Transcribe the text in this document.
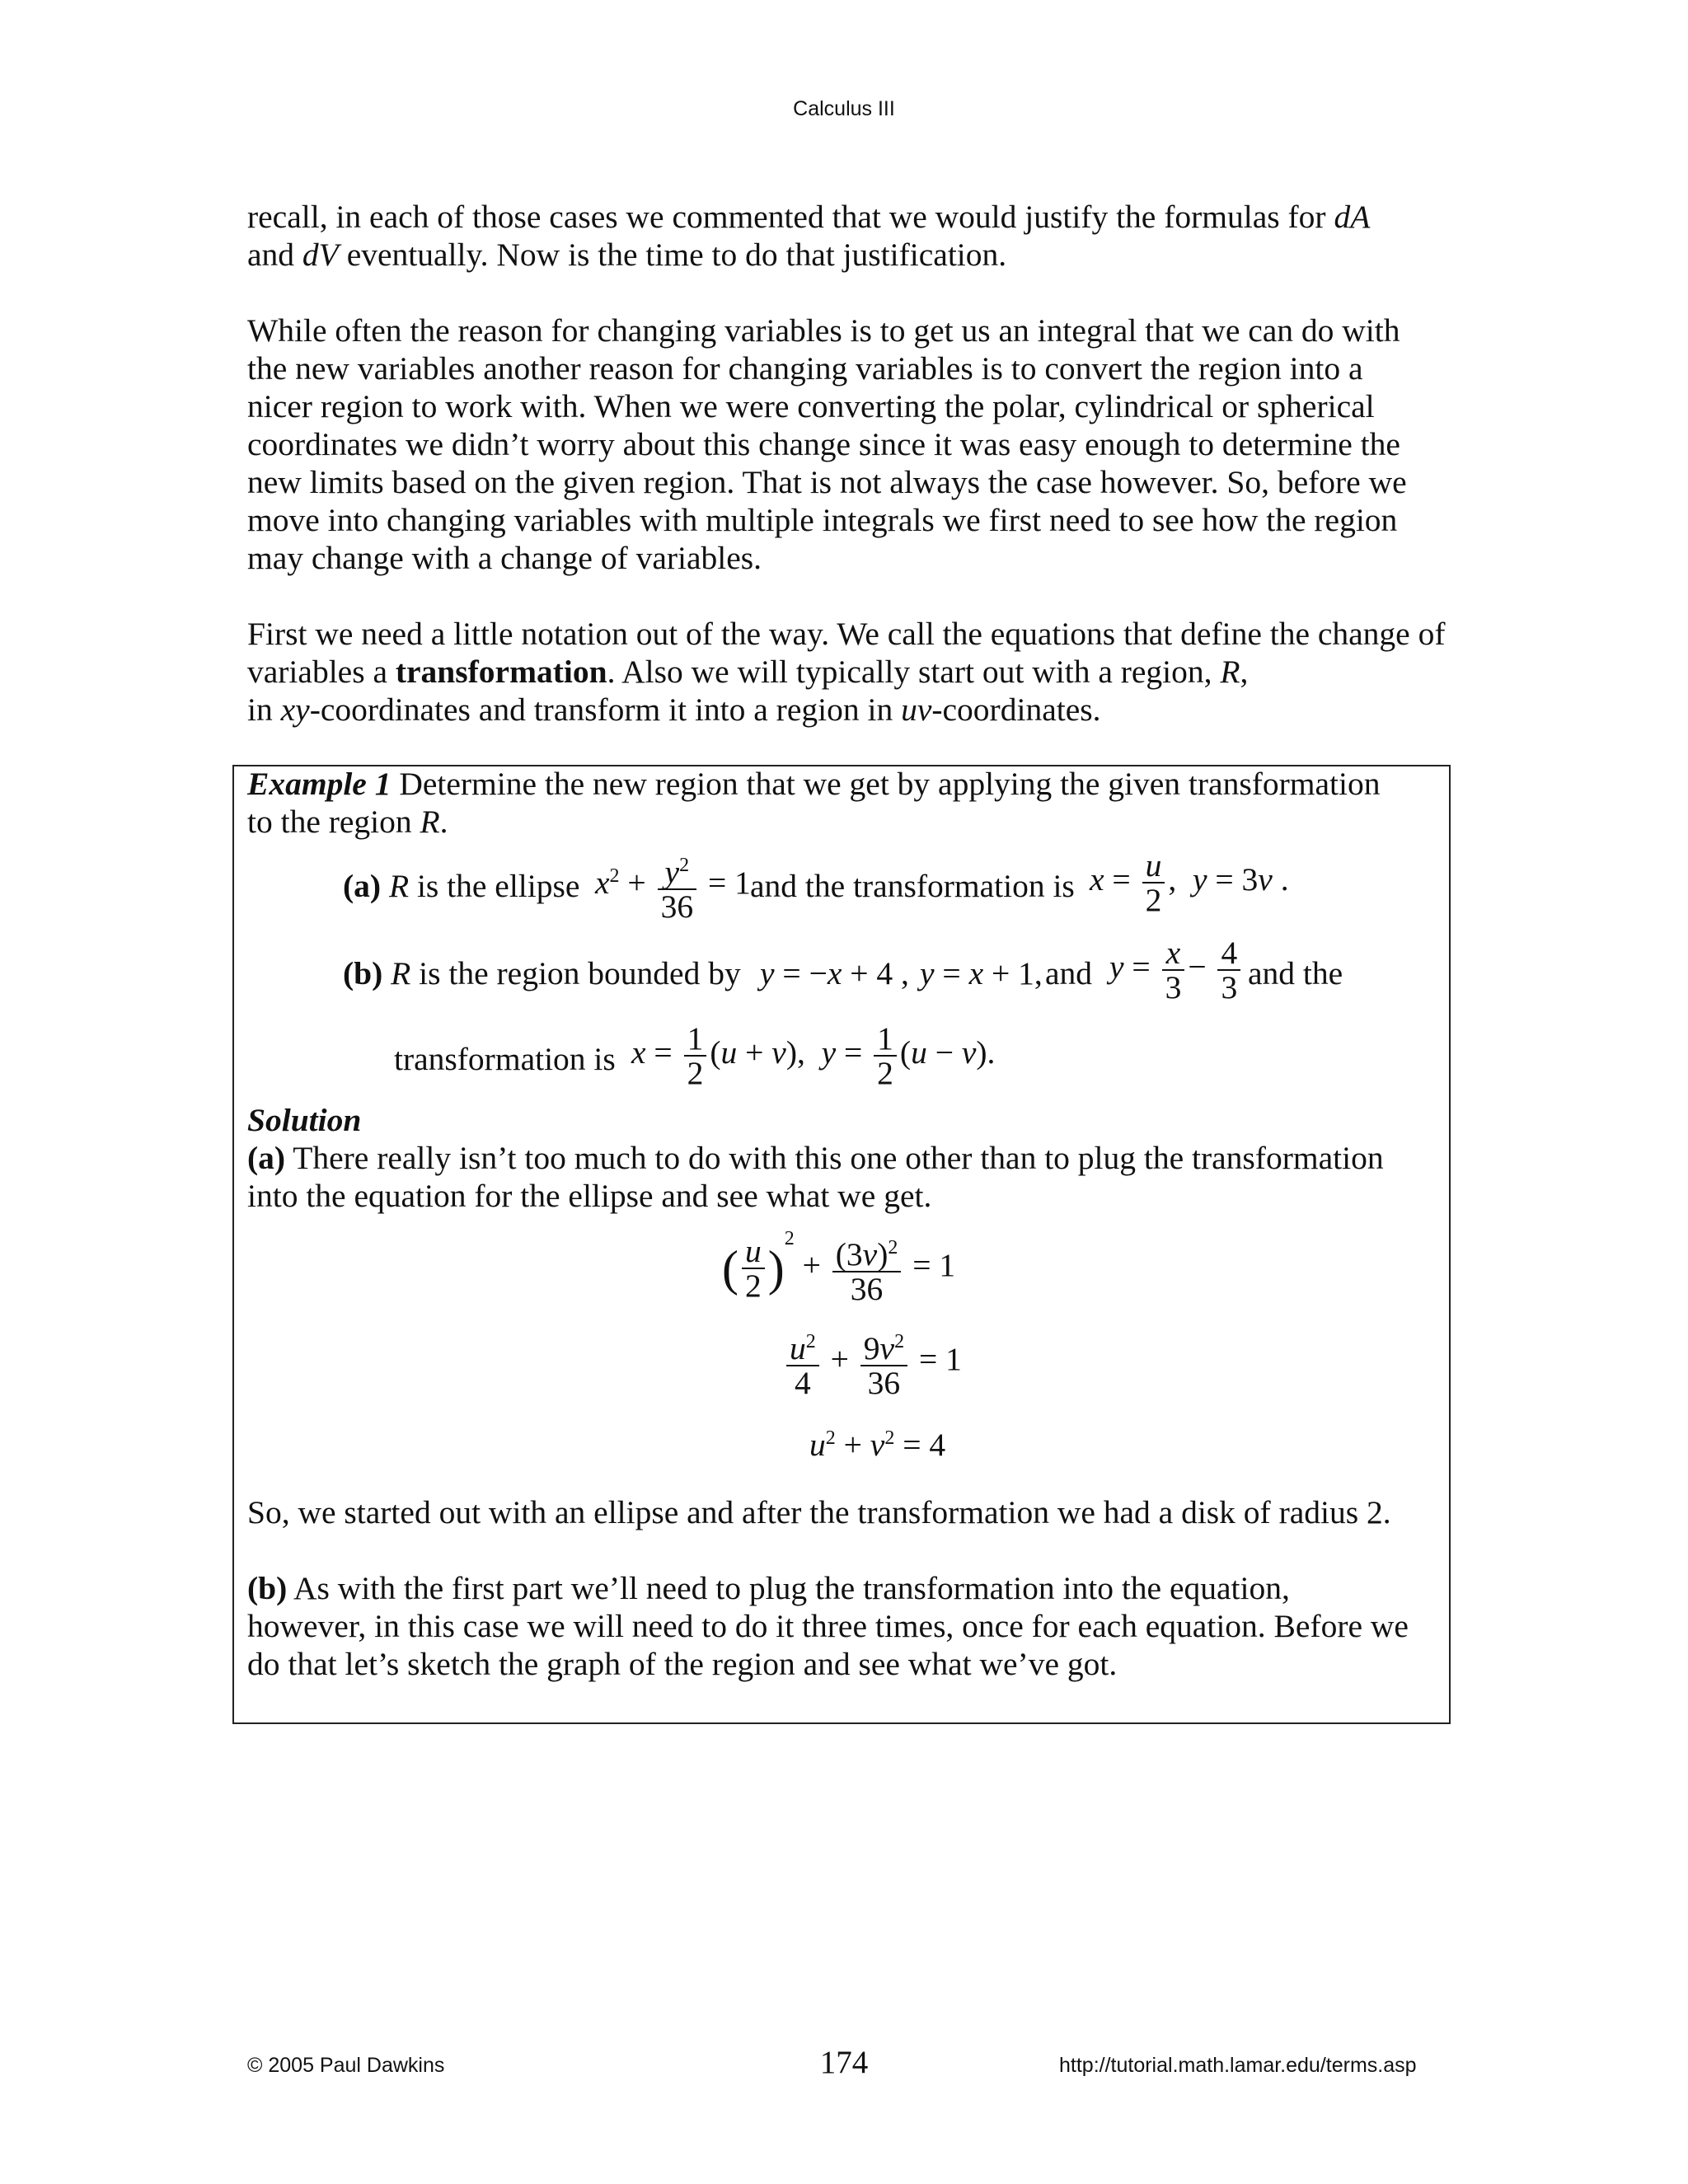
Calculus III

recall, in each of those cases we commented that we would justify the formulas for dA
and dV eventually. Now is the time to do that justification.

While often the reason for changing variables is to get us an integral that we can do with the new variables another reason for changing variables is to convert the region into a nicer region to work with. When we were converting the polar, cylindrical or spherical coordinates we didn’t worry about this change since it was easy enough to determine the new limits based on the given region. That is not always the case however. So, before we move into changing variables with multiple integrals we first need to see how the region may change with a change of variables.

First we need a little notation out of the way. We call the equations that define the change of variables a transformation. Also we will typically start out with a region, R,
in xy-coordinates and transform it into a region in uv-coordinates.

Example 1 Determine the new region that we get by applying the given transformation
to the region R.

(a) R is the ellipse $x^2 + \frac{y^2}{36} = 1$ and the transformation is $x = \frac{u}{2}$ ,  y = 3v .
(b) R is the region bounded by y = −x + 4 , y = x + 1, and $y = \frac{x}{3} - \frac{4}{3}$ and the
transformation is $x = \frac{1}{2} (u + v)$,  $y = \frac{1}{2} (u - v)$.
Solution

(a) There really isn’t too much to do with this one other than to plug the transformation
into the equation for the ellipse and see what we get.

( $\frac{u}{2} )^2 + \frac{(3v)^2}{36} = 1$
$\frac{u^2}{4} + \frac{9v^2}{36} = 1$
$u^2 + v^2 = 4$

So, we started out with an ellipse and after the transformation we had a disk of radius 2.

(b) As with the first part we’ll need to plug the transformation into the equation,
however, in this case we will need to do it three times, once for each equation. Before we
do that let’s sketch the graph of the region and see what we’ve got.

© 2005 Paul Dawkins	174	http://tutorial.math.lamar.edu/terms.asp
